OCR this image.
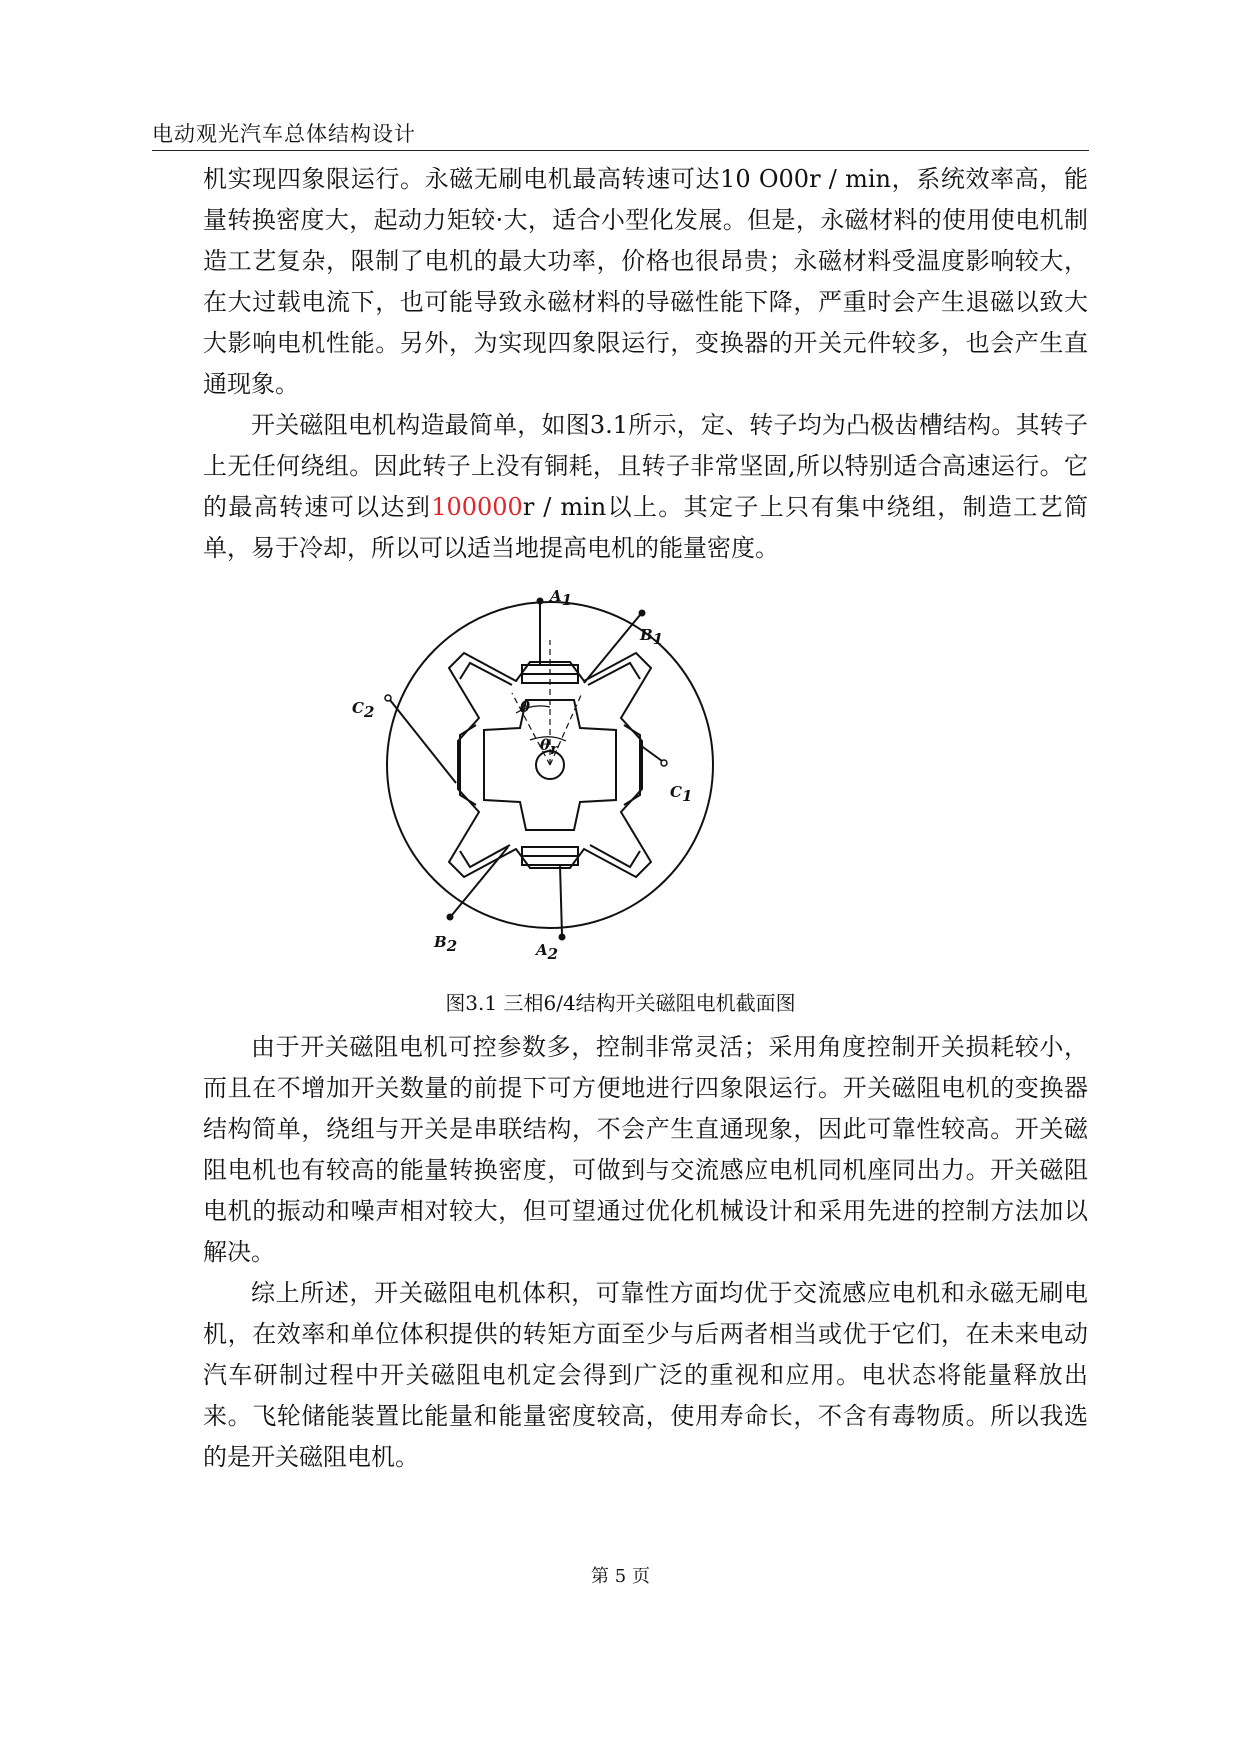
电动观光汽车总体结构设计

机实现四象限运行。永磁无刷电机最高转速可达10 O00r / min，系统效率高，能量转换密度大，起动力矩较·大，适合小型化发展。但是，永磁材料的使用使电机制造工艺复杂，限制了电机的最大功率，价格也很昂贵；永磁材料受温度影响较大，在大过载电流下，也可能导致永磁材料的导磁性能下降，严重时会产生退磁以致大大影响电机性能。另外，为实现四象限运行，变换器的开关元件较多，也会产生直通现象。

开关磁阻电机构造最简单，如图3.1所示，定、转子均为凸极齿槽结构。其转子上无任何绕组。因此转子上没有铜耗，且转子非常坚固,所以特别适合高速运行。它的最高转速可以达到100000r / min以上。其定子上只有集中绕组，制造工艺简单，易于冷却，所以可以适当地提高电机的能量密度。

A1
B1
C2
C1
B2	A2
θ
θr
图3.1 三相6/4结构开关磁阻电机截面图

由于开关磁阻电机可控参数多，控制非常灵活；采用角度控制开关损耗较小，而且在不增加开关数量的前提下可方便地进行四象限运行。开关磁阻电机的变换器结构简单，绕组与开关是串联结构，不会产生直通现象，因此可靠性较高。开关磁阻电机也有较高的能量转换密度，可做到与交流感应电机同机座同出力。开关磁阻电机的振动和噪声相对较大，但可望通过优化机械设计和采用先进的控制方法加以解决。

综上所述，开关磁阻电机体积，可靠性方面均优于交流感应电机和永磁无刷电机，在效率和单位体积提供的转矩方面至少与后两者相当或优于它们，在未来电动汽车研制过程中开关磁阻电机定会得到广泛的重视和应用。电状态将能量释放出来。飞轮储能装置比能量和能量密度较高，使用寿命长，不含有毒物质。所以我选的是开关磁阻电机。

第 5 页
